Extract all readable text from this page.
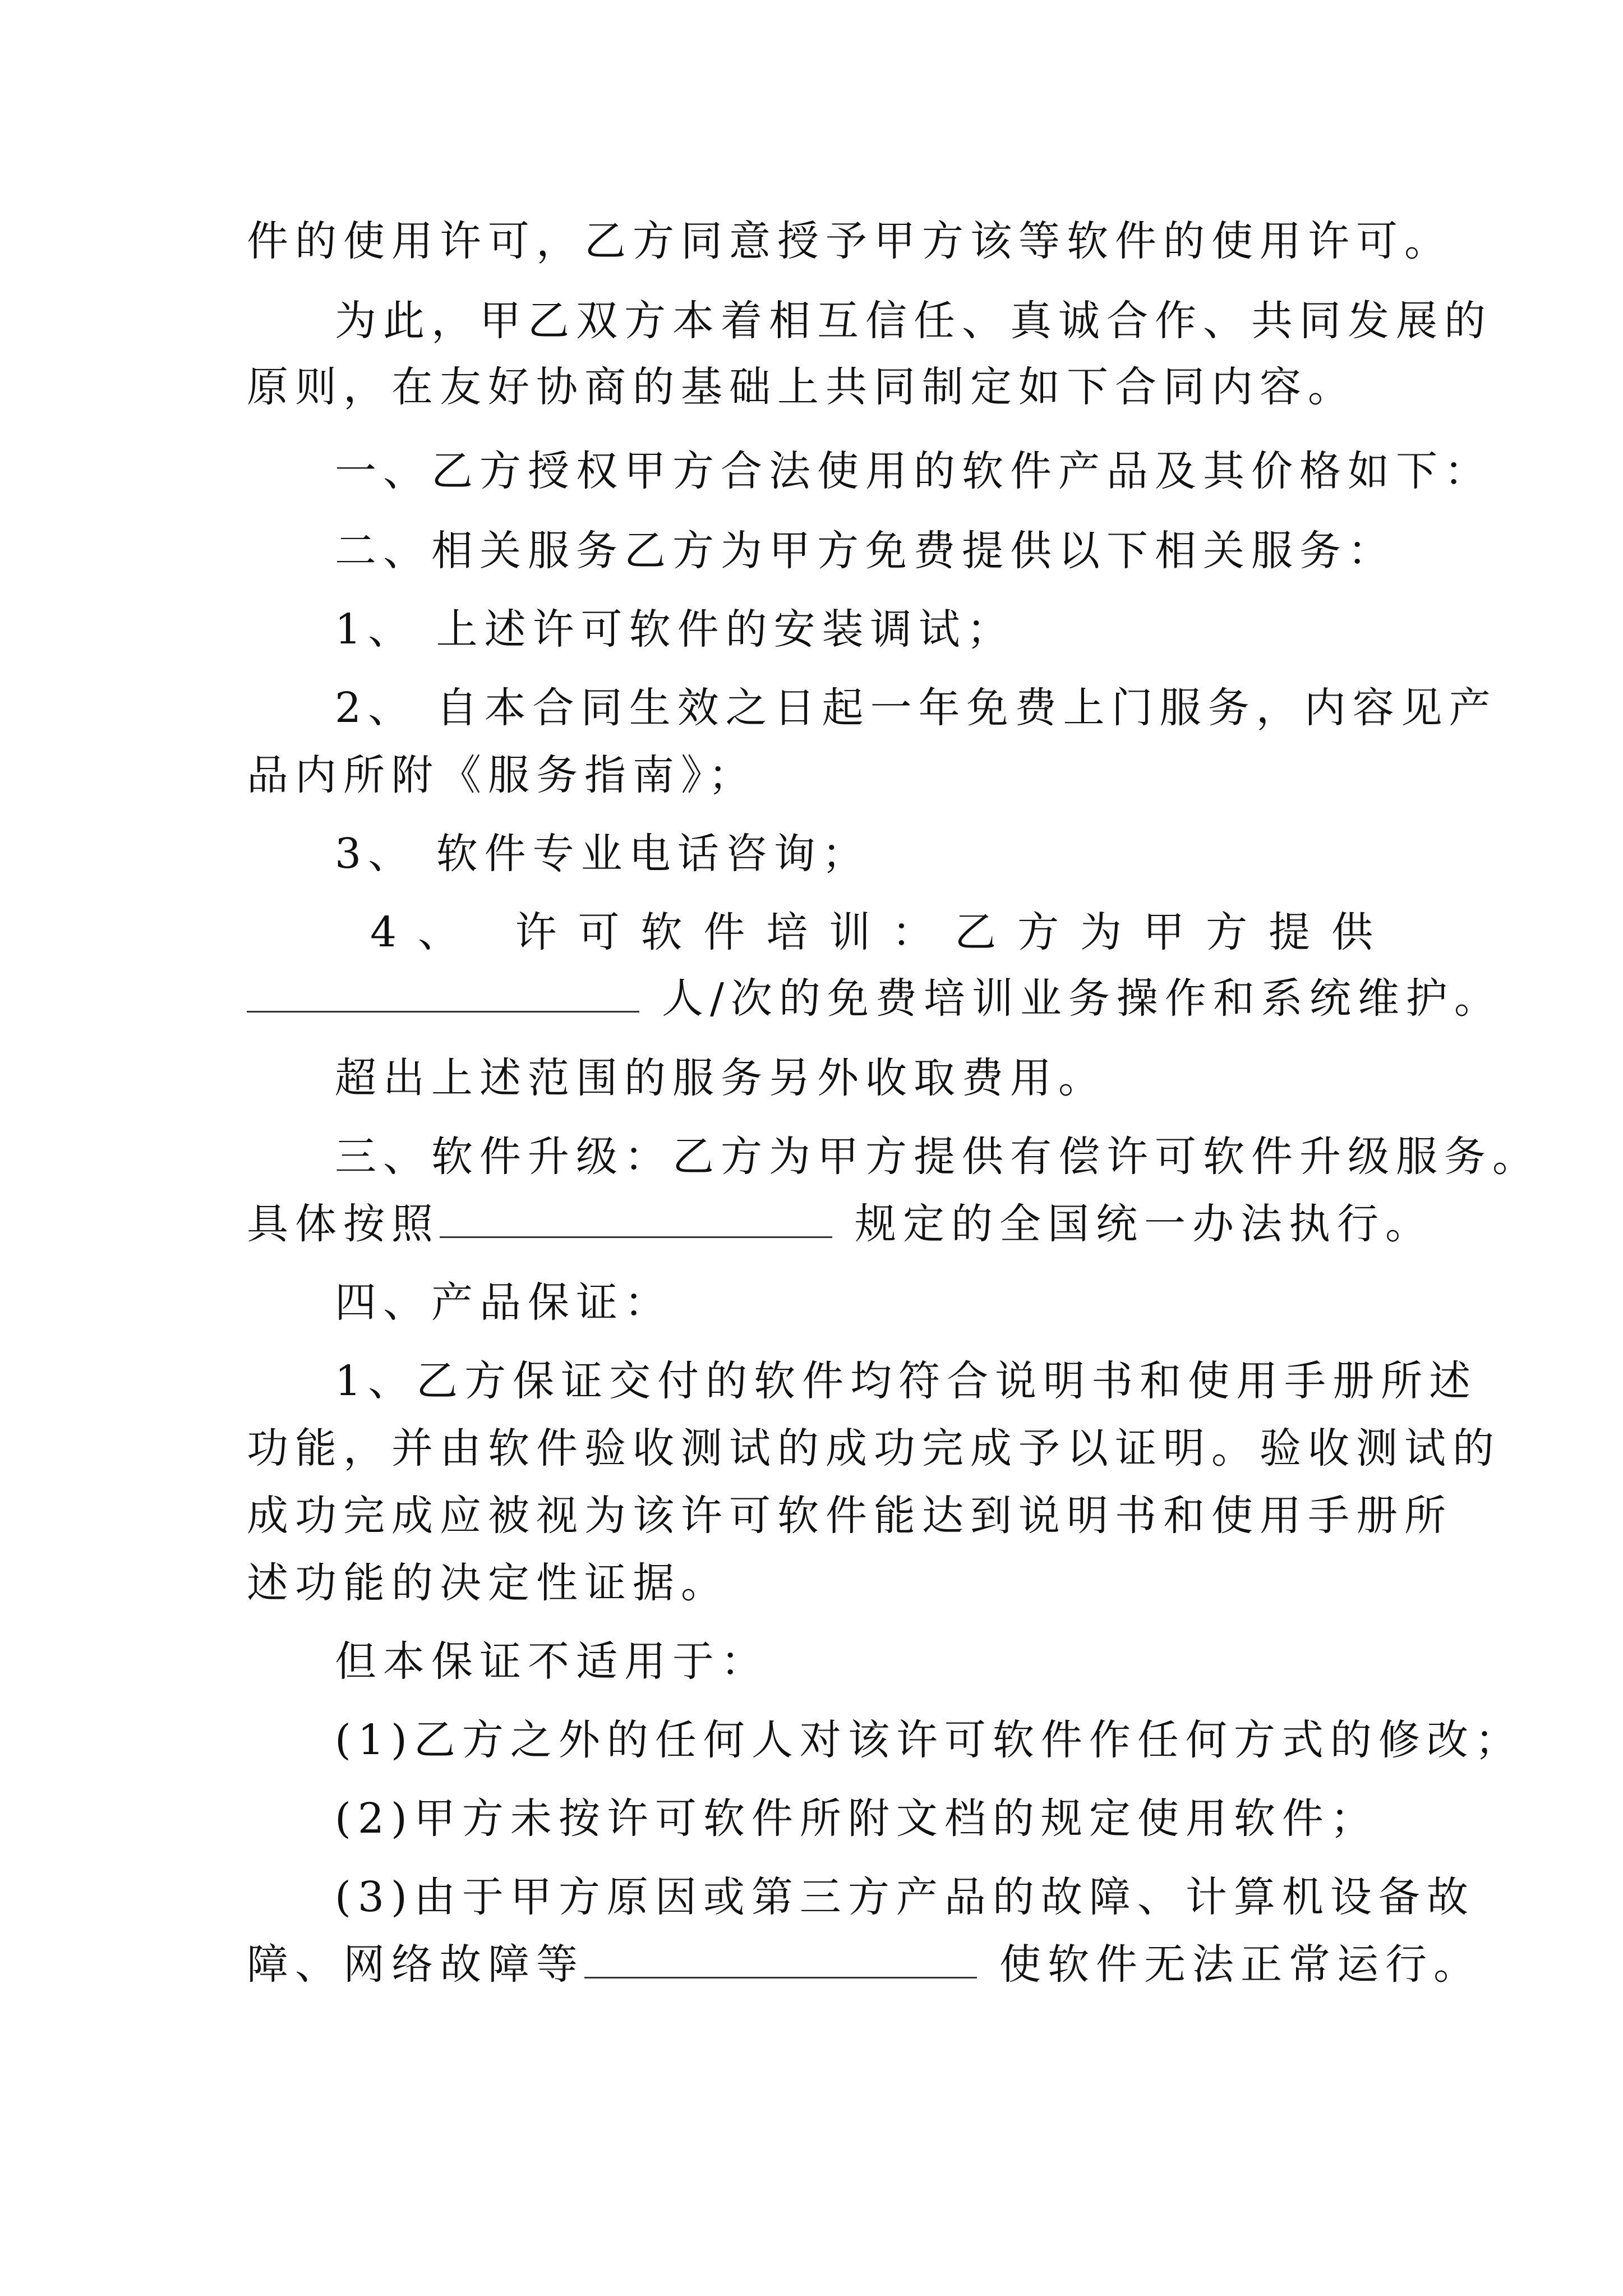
件的使用许可，乙方同意授予甲方该等软件的使用许可。
为此，甲乙双方本着相互信任、真诚合作、共同发展的
原则，在友好协商的基础上共同制定如下合同内容。
一、乙方授权甲方合法使用的软件产品及其价格如下：
二、相关服务乙方为甲方免费提供以下相关服务：
1、 上述许可软件的安装调试；
2、 自本合同生效之日起一年免费上门服务，内容见产
品内所附《服务指南》；
3、 软件专业电话咨询；
4、 许可软件培训：乙方为甲方提供
人/次的免费培训业务操作和系统维护。
超出上述范围的服务另外收取费用。
三、软件升级：乙方为甲方提供有偿许可软件升级服务。
具体按照	规定的全国统一办法执行。
四、产品保证：
1、乙方保证交付的软件均符合说明书和使用手册所述
功能，并由软件验收测试的成功完成予以证明。验收测试的
成功完成应被视为该许可软件能达到说明书和使用手册所
述功能的决定性证据。
但本保证不适用于：
(1)乙方之外的任何人对该许可软件作任何方式的修改；
(2)甲方未按许可软件所附文档的规定使用软件；
(3)由于甲方原因或第三方产品的故障、计算机设备故
障、网络故障等	使软件无法正常运行。
